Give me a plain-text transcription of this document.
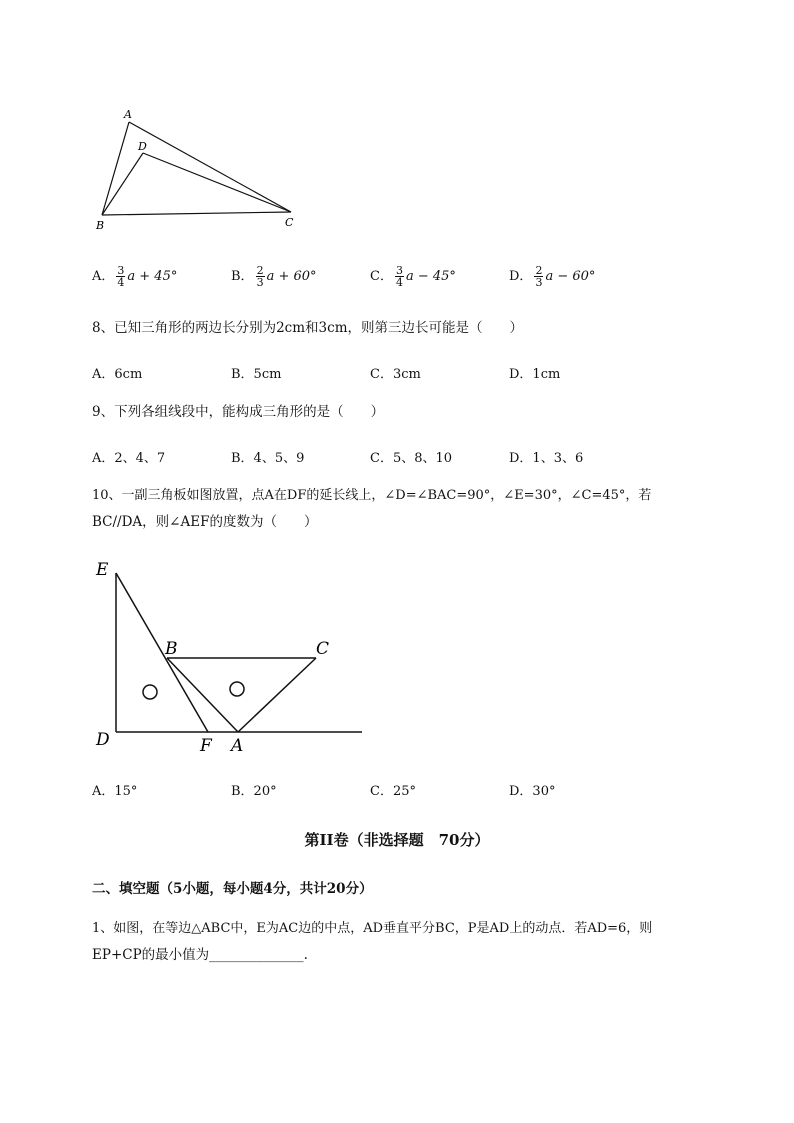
A
D
B	C
A． $\frac{3}{4}$ a + 45°	B． $\frac{2}{3}$ a + 60°	C． $\frac{3}{4}$ a − 45°	D． $\frac{2}{3}$ a − 60°
8、已知三角形的两边长分别为2cm和3cm，则第三边长可能是（　　）
A．6cm	B．5cm	C．3cm	D．1cm
9、下列各组线段中，能构成三角形的是（　　）
A．2、4、7	B．4、5、9	C．5、8、10	D．1、3、6
10、一副三角板如图放置，点A在DF的延长线上，∠D=∠BAC=90°，∠E=30°，∠C=45°，若
BC//DA，则∠AEF的度数为（　　）
E
B	C
D	F A
A．15°	B．20°	C．25°	D．30°
第II卷（非选择题　70分）
二、填空题（5小题，每小题4分，共计20分）
1、如图，在等边△ABC中，E为AC边的中点，AD垂直平分BC，P是AD上的动点．若AD=6，则
EP+CP的最小值为______________.
